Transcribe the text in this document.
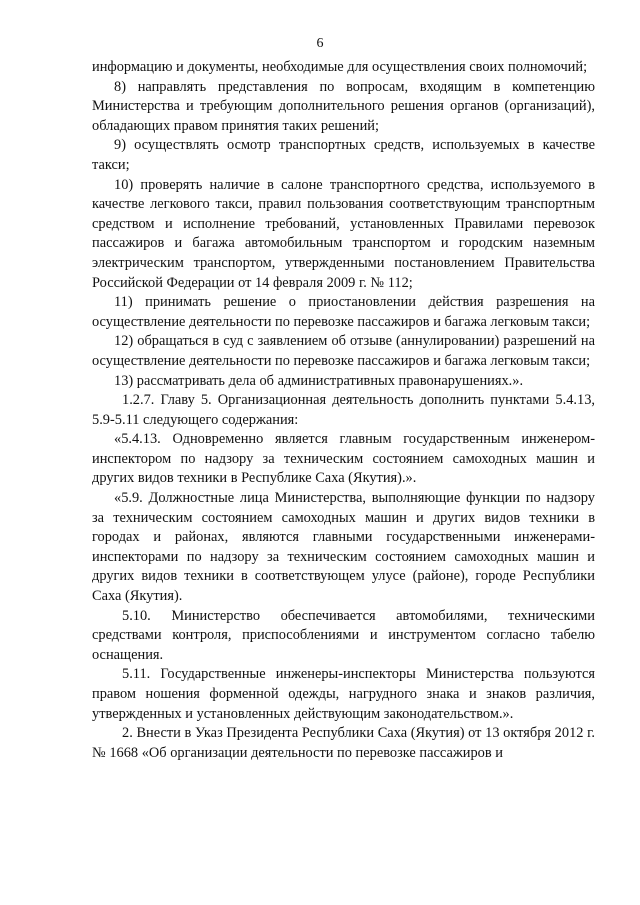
6

информацию и документы, необходимые для осуществления своих полномочий;

8) направлять представления по вопросам, входящим в компетенцию Министерства и требующим дополнительного решения органов (организаций), обладающих правом принятия таких решений;

9) осуществлять осмотр транспортных средств, используемых в качестве такси;

10) проверять наличие в салоне транспортного средства, используемого в качестве легкового такси, правил пользования соответствующим транспортным средством и исполнение требований, установленных Правилами перевозок пассажиров и багажа автомобильным транспортом и городским наземным электрическим транспортом, утвержденными постановлением Правительства Российской Федерации от 14 февраля 2009 г. № 112;

11) принимать решение о приостановлении действия разрешения на осуществление деятельности по перевозке пассажиров и багажа легковым такси;

12) обращаться в суд с заявлением об отзыве (аннулировании) разрешений на осуществление деятельности по перевозке пассажиров и багажа легковым такси;

13) рассматривать дела об административных правонарушениях.».

1.2.7. Главу 5. Организационная деятельность дополнить пунктами 5.4.13, 5.9-5.11 следующего содержания:

«5.4.13. Одновременно является главным государственным инженером-инспектором по надзору за техническим состоянием самоходных машин и других видов техники в Республике Саха (Якутия).».

«5.9. Должностные лица Министерства, выполняющие функции по надзору за техническим состоянием самоходных машин и других видов техники в городах и районах, являются главными государственными инженерами-инспекторами по надзору за техническим состоянием самоходных машин и других видов техники в соответствующем улусе (районе), городе Республики Саха (Якутия).

5.10. Министерство обеспечивается автомобилями, техническими средствами контроля, приспособлениями и инструментом согласно табелю оснащения.

5.11. Государственные инженеры-инспекторы Министерства пользуются правом ношения форменной одежды, нагрудного знака и знаков различия, утвержденных и установленных действующим законодательством.».

2. Внести в Указ Президента Республики Саха (Якутия) от 13 октября 2012 г. № 1668 «Об организации деятельности по перевозке пассажиров и
